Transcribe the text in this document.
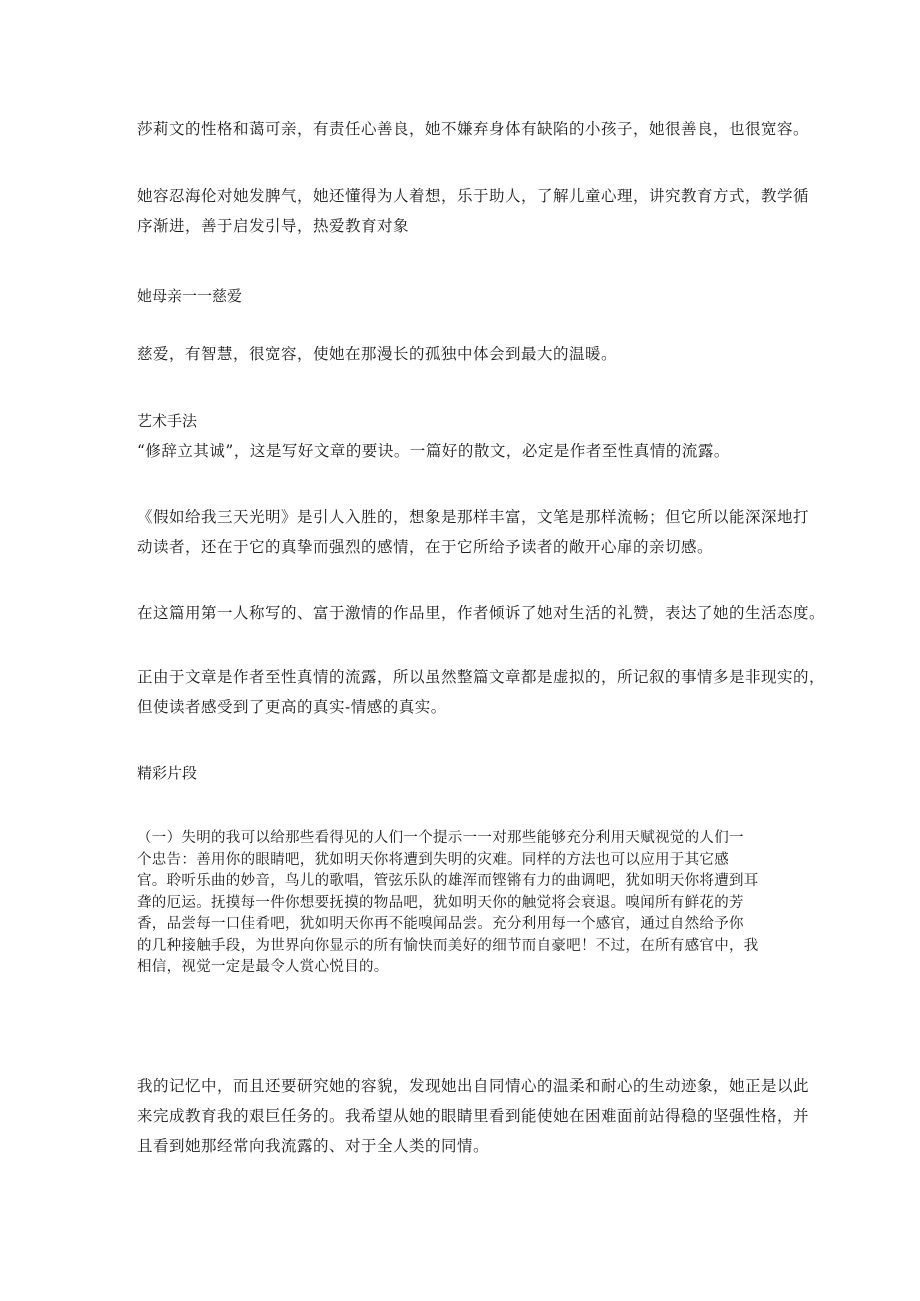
莎莉文的性格和蔼可亲，有责任心善良，她不嫌弃身体有缺陷的小孩子，她很善良，也很宽容。

她容忍海伦对她发脾气，她还懂得为人着想，乐于助人，了解儿童心理，讲究教育方式，教学循
序渐进，善于启发引导，热爱教育对象

她母亲一一慈爱

慈爱，有智慧，很宽容，使她在那漫长的孤独中体会到最大的温暖。

艺术手法

“修辞立其诚”，这是写好文章的要诀。一篇好的散文，必定是作者至性真情的流露。

《假如给我三天光明》是引人入胜的，想象是那样丰富，文笔是那样流畅；但它所以能深深地打
动读者，还在于它的真挚而强烈的感情，在于它所给予读者的敞开心扉的亲切感。

在这篇用第一人称写的、富于激情的作品里，作者倾诉了她对生活的礼赞，表达了她的生活态度。

正由于文章是作者至性真情的流露，所以虽然整篇文章都是虚拟的，所记叙的事情多是非现实的，
但使读者感受到了更高的真实-情感的真实。

精彩片段

（一）失明的我可以给那些看得见的人们一个提示一一对那些能够充分利用天赋视觉的人们一
个忠告：善用你的眼睛吧，犹如明天你将遭到失明的灾难。同样的方法也可以应用于其它感
官。聆听乐曲的妙音，鸟儿的歌唱，管弦乐队的雄浑而铿锵有力的曲调吧，犹如明天你将遭到耳
聋的厄运。抚摸每一件你想要抚摸的物品吧，犹如明天你的触觉将会衰退。嗅闻所有鲜花的芳
香，品尝每一口佳肴吧，犹如明天你再不能嗅闻品尝。充分利用每一个感官，通过自然给予你
的几种接触手段，为世界向你显示的所有愉快而美好的细节而自豪吧！不过，在所有感官中，我
相信，视觉一定是最令人赏心悦目的。

我的记忆中，而且还要研究她的容貌，发现她出自同情心的温柔和耐心的生动迹象，她正是以此
来完成教育我的艰巨任务的。我希望从她的眼睛里看到能使她在困难面前站得稳的坚强性格，并
且看到她那经常向我流露的、对于全人类的同情。
